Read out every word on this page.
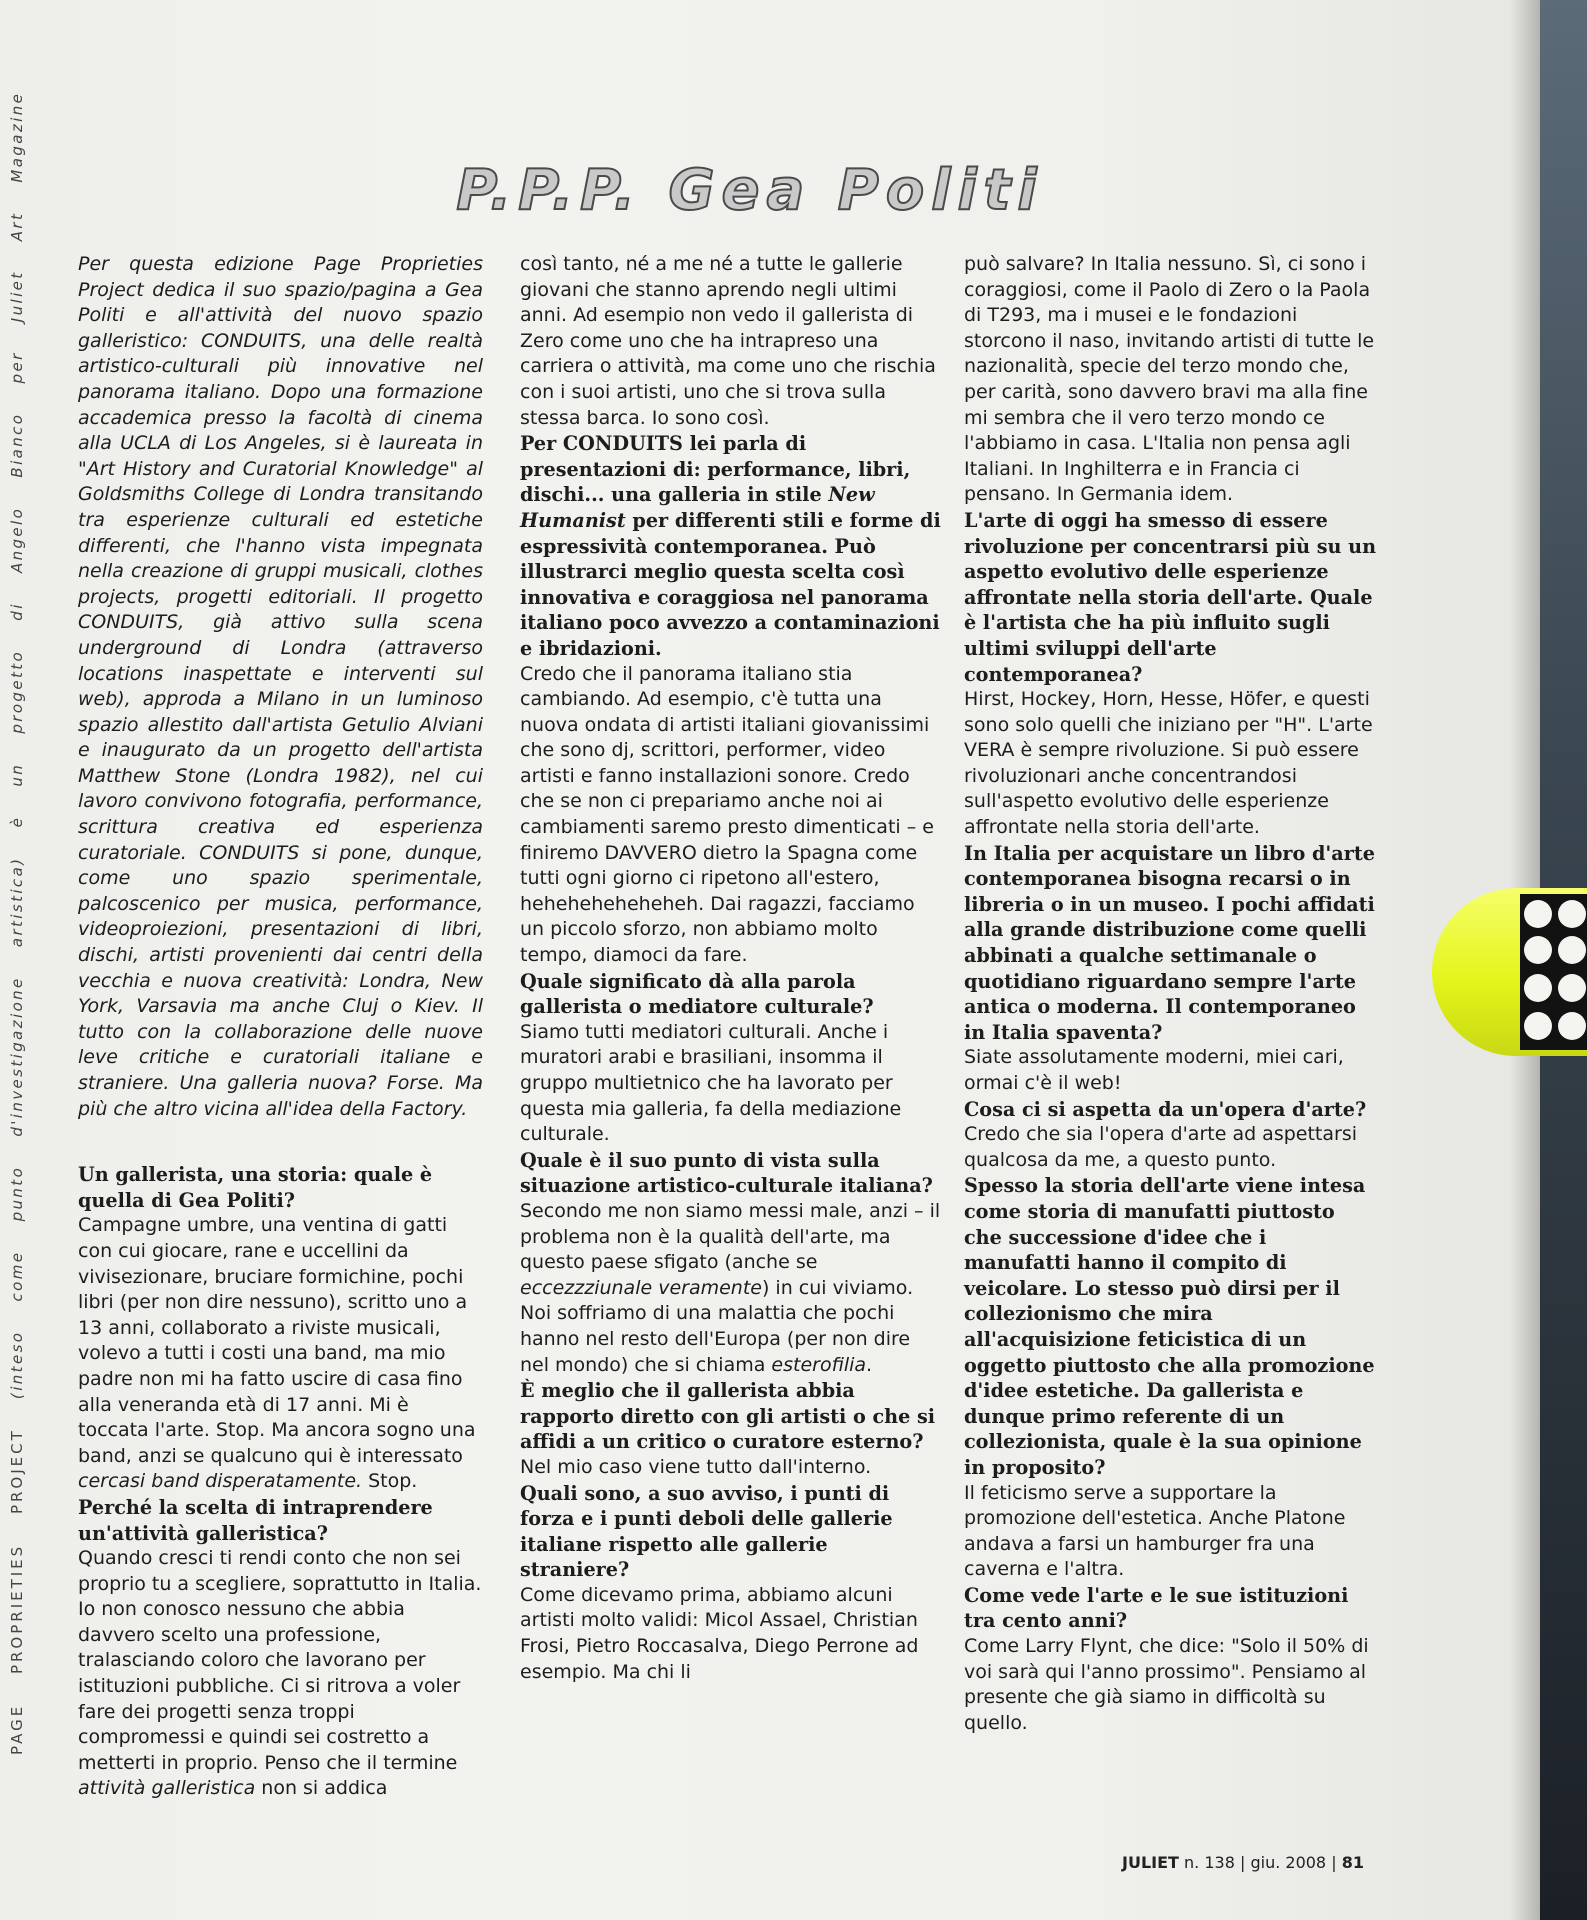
P.P.P. Gea Politi
PAGE PROPRIETIES PROJECT (inteso come punto d'investigazione artistica) è un progetto di Angelo Bianco per Juliet Art Magazine	Per questa edizione Page Proprieties Project dedica il suo spazio/pagina a Gea Politi e all'attività del nuovo spazio galleristico: CONDUITS, una delle realtà artistico-culturali più innovative nel panorama italiano. Dopo una formazione accademica presso la facoltà di cinema alla UCLA di Los Angeles, si è laureata in "Art History and Curatorial Knowledge" al Goldsmiths College di Londra transitando tra esperienze culturali ed estetiche differenti, che l'hanno vista impegnata nella creazione di gruppi musicali, clothes projects, progetti editoriali. Il progetto CONDUITS, già attivo sulla scena underground di Londra (attraverso locations inaspettate e interventi sul web), approda a Milano in un luminoso spazio allestito dall'artista Getulio Alviani e inaugurato da un progetto dell'artista Matthew Stone (Londra 1982), nel cui lavoro convivono fotografia, performance, scrittura creativa ed esperienza curatoriale. CONDUITS si pone, dunque, come uno spazio sperimentale, palcoscenico per musica, performance, videoproiezioni, presentazioni di libri, dischi, artisti provenienti dai centri della vecchia e nuova creatività: Londra, New York, Varsavia ma anche Cluj o Kiev. Il tutto con la collaborazione delle nuove leve critiche e curatoriali italiane e straniere. Una galleria nuova? Forse. Ma più che altro vicina all'idea della Factory.

Un gallerista, una storia: quale è quella di Gea Politi?

Campagne umbre, una ventina di gatti con cui giocare, rane e uccellini da vivisezionare, bruciare formichine, pochi libri (per non dire nessuno), scritto uno a 13 anni, collaborato a riviste musicali, volevo a tutti i costi una band, ma mio padre non mi ha fatto uscire di casa fino alla veneranda età di 17 anni. Mi è toccata l'arte. Stop. Ma ancora sogno una band, anzi se qualcuno qui è interessato cercasi band disperatamente. Stop.

Perché la scelta di intraprendere un'attività galleristica?

Quando cresci ti rendi conto che non sei proprio tu a scegliere, soprattutto in Italia. Io non conosco nessuno che abbia davvero scelto una professione, tralasciando coloro che lavorano per istituzioni pubbliche. Ci si ritrova a voler fare dei progetti senza troppi compromessi e quindi sei costretto a metterti in proprio. Penso che il termine attività galleristica non si addica

così tanto, né a me né a tutte le gallerie giovani che stanno aprendo negli ultimi anni. Ad esempio non vedo il gallerista di Zero come uno che ha intrapreso una carriera o attività, ma come uno che rischia con i suoi artisti, uno che si trova sulla stessa barca. Io sono così.

Per CONDUITS lei parla di presentazioni di: performance, libri, dischi... una galleria in stile New Humanist per differenti stili e forme di espressività contemporanea. Può illustrarci meglio questa scelta così innovativa e coraggiosa nel panorama italiano poco avvezzo a contaminazioni e ibridazioni.

Credo che il panorama italiano stia cambiando. Ad esempio, c'è tutta una nuova ondata di artisti italiani giovanissimi che sono dj, scrittori, performer, video artisti e fanno installazioni sonore. Credo che se non ci prepariamo anche noi ai cambiamenti saremo presto dimenticati – e finiremo DAVVERO dietro la Spagna come tutti ogni giorno ci ripetono all'estero, heheheheheheheh. Dai ragazzi, facciamo un piccolo sforzo, non abbiamo molto tempo, diamoci da fare.

Quale significato dà alla parola gallerista o mediatore culturale?

Siamo tutti mediatori culturali. Anche i muratori arabi e brasiliani, insomma il gruppo multietnico che ha lavorato per questa mia galleria, fa della mediazione culturale.

Quale è il suo punto di vista sulla situazione artistico-culturale italiana?

Secondo me non siamo messi male, anzi – il problema non è la qualità dell'arte, ma questo paese sfigato (anche se eccezzziunale veramente) in cui viviamo. Noi soffriamo di una malattia che pochi hanno nel resto dell'Europa (per non dire nel mondo) che si chiama esterofilia.

È meglio che il gallerista abbia rapporto diretto con gli artisti o che si affidi a un critico o curatore esterno?

Nel mio caso viene tutto dall'interno.

Quali sono, a suo avviso, i punti di forza e i punti deboli delle gallerie italiane rispetto alle gallerie straniere?

Come dicevamo prima, abbiamo alcuni artisti molto validi: Micol Assael, Christian Frosi, Pietro Roccasalva, Diego Perrone ad esempio. Ma chi li

può salvare? In Italia nessuno. Sì, ci sono i coraggiosi, come il Paolo di Zero o la Paola di T293, ma i musei e le fondazioni storcono il naso, invitando artisti di tutte le nazionalità, specie del terzo mondo che, per carità, sono davvero bravi ma alla fine mi sembra che il vero terzo mondo ce l'abbiamo in casa. L'Italia non pensa agli Italiani. In Inghilterra e in Francia ci pensano. In Germania idem.

L'arte di oggi ha smesso di essere rivoluzione per concentrarsi più su un aspetto evolutivo delle esperienze affrontate nella storia dell'arte. Quale è l'artista che ha più influito sugli ultimi sviluppi dell'arte contemporanea?

Hirst, Hockey, Horn, Hesse, Höfer, e questi sono solo quelli che iniziano per "H". L'arte VERA è sempre rivoluzione. Si può essere rivoluzionari anche concentrandosi sull'aspetto evolutivo delle esperienze affrontate nella storia dell'arte.

In Italia per acquistare un libro d'arte contemporanea bisogna recarsi o in libreria o in un museo. I pochi affidati alla grande distribuzione come quelli abbinati a qualche settimanale o quotidiano riguardano sempre l'arte antica o moderna. Il contemporaneo in Italia spaventa?

Siate assolutamente moderni, miei cari, ormai c'è il web!

Cosa ci si aspetta da un'opera d'arte?

Credo che sia l'opera d'arte ad aspettarsi qualcosa da me, a questo punto.

Spesso la storia dell'arte viene intesa come storia di manufatti piuttosto che successione d'idee che i manufatti hanno il compito di veicolare. Lo stesso può dirsi per il collezionismo che mira all'acquisizione feticistica di un oggetto piuttosto che alla promozione d'idee estetiche. Da gallerista e dunque primo referente di un collezionista, quale è la sua opinione in proposito?

Il feticismo serve a supportare la promozione dell'estetica. Anche Platone andava a farsi un hamburger fra una caverna e l'altra.

Come vede l'arte e le sue istituzioni tra cento anni?

Come Larry Flynt, che dice: "Solo il 50% di voi sarà qui l'anno prossimo". Pensiamo al presente che già siamo in difficoltà su quello.

JULIET n. 138 | giu. 2008 | 81
